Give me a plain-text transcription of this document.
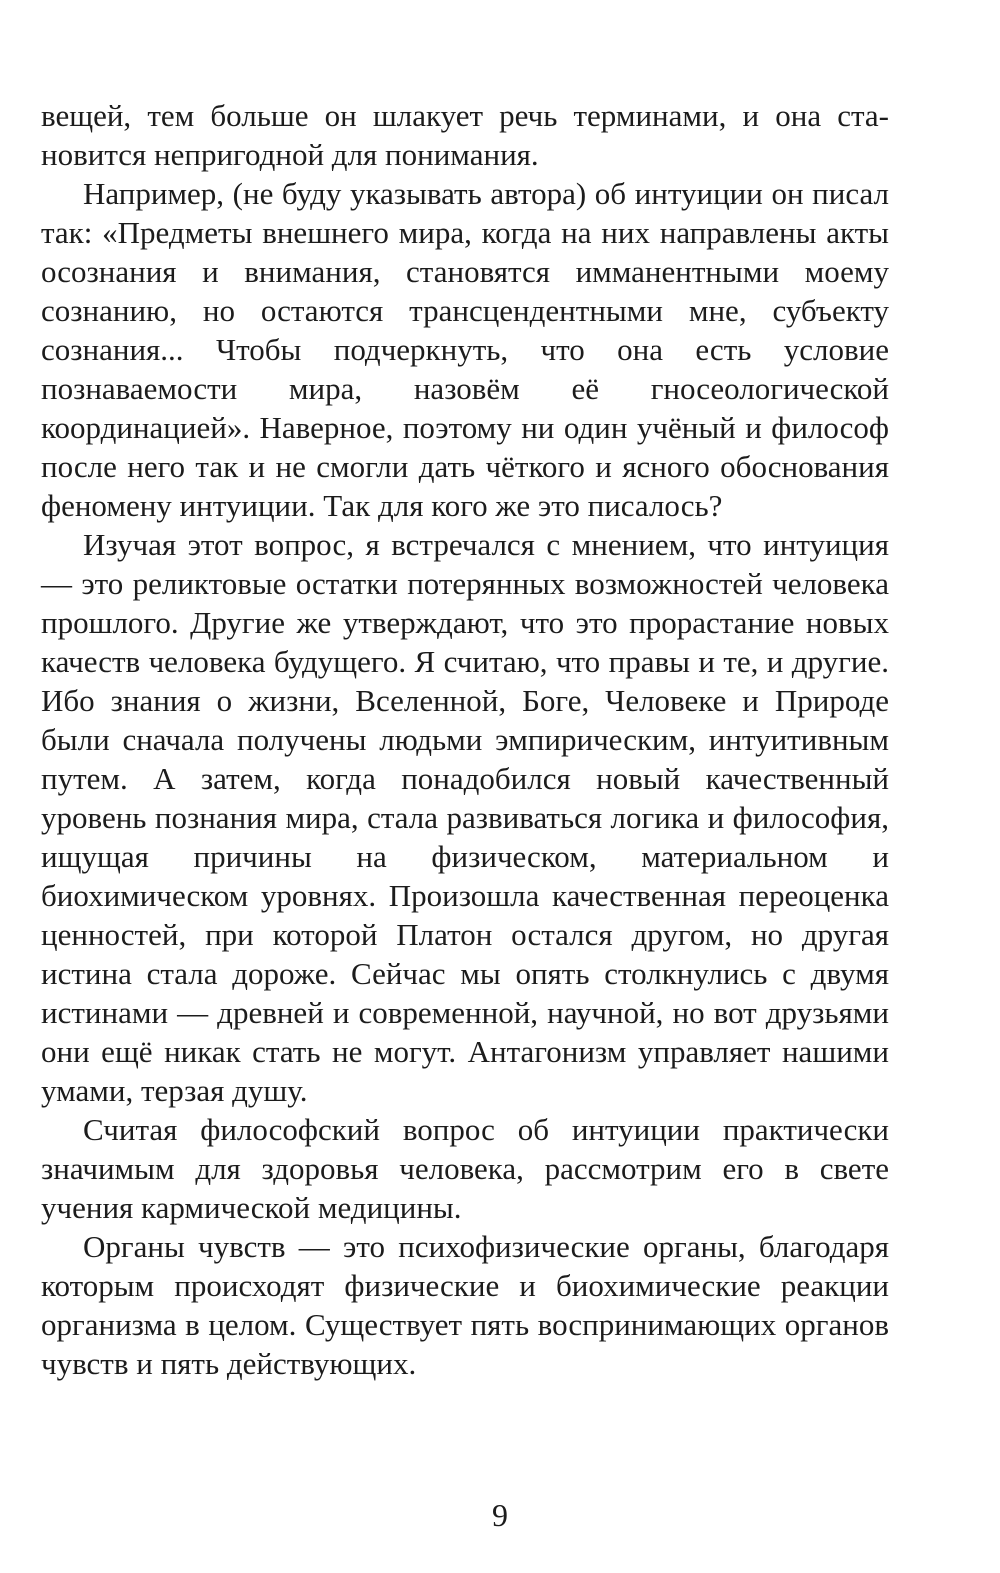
вещей, тем больше он шлакует речь терминами, и она становится непригодной для понимания.

Например, (не буду указывать автора) об интуиции он писал так: «Предметы внешнего мира, когда на них направлены акты осознания и внимания, становятся имманентными моему сознанию, но остаются трансцендентными мне, субъекту сознания... Чтобы подчеркнуть, что она есть условие познаваемости мира, назовём её гносеологической координацией». Наверное, поэтому ни один учёный и философ после него так и не смогли дать чёткого и ясного обоснования феномену интуиции. Так для кого же это писалось?

Изучая этот вопрос, я встречался с мнением, что интуиция — это реликтовые остатки потерянных возможностей человека прошлого. Другие же утверждают, что это прорастание новых качеств человека будущего. Я считаю, что правы и те, и другие. Ибо знания о жизни, Вселенной, Боге, Человеке и Природе были сначала получены людьми эмпирическим, интуитивным путем. А затем, когда понадобился новый качественный уровень познания мира, стала развиваться логика и философия, ищущая причины на физическом, материальном и биохимическом уровнях. Произошла качественная переоценка ценностей, при которой Платон остался другом, но другая истина стала дороже. Сейчас мы опять столкнулись с двумя истинами — древней и современной, научной, но вот друзьями они ещё никак стать не могут. Антагонизм управляет нашими умами, терзая душу.

Считая философский вопрос об интуиции практически значимым для здоровья человека, рассмотрим его в свете учения кармической медицины.

Органы чувств — это психофизические органы, благодаря которым происходят физические и биохимические реакции организма в целом. Существует пять воспринимающих органов чувств и пять действующих.

9
